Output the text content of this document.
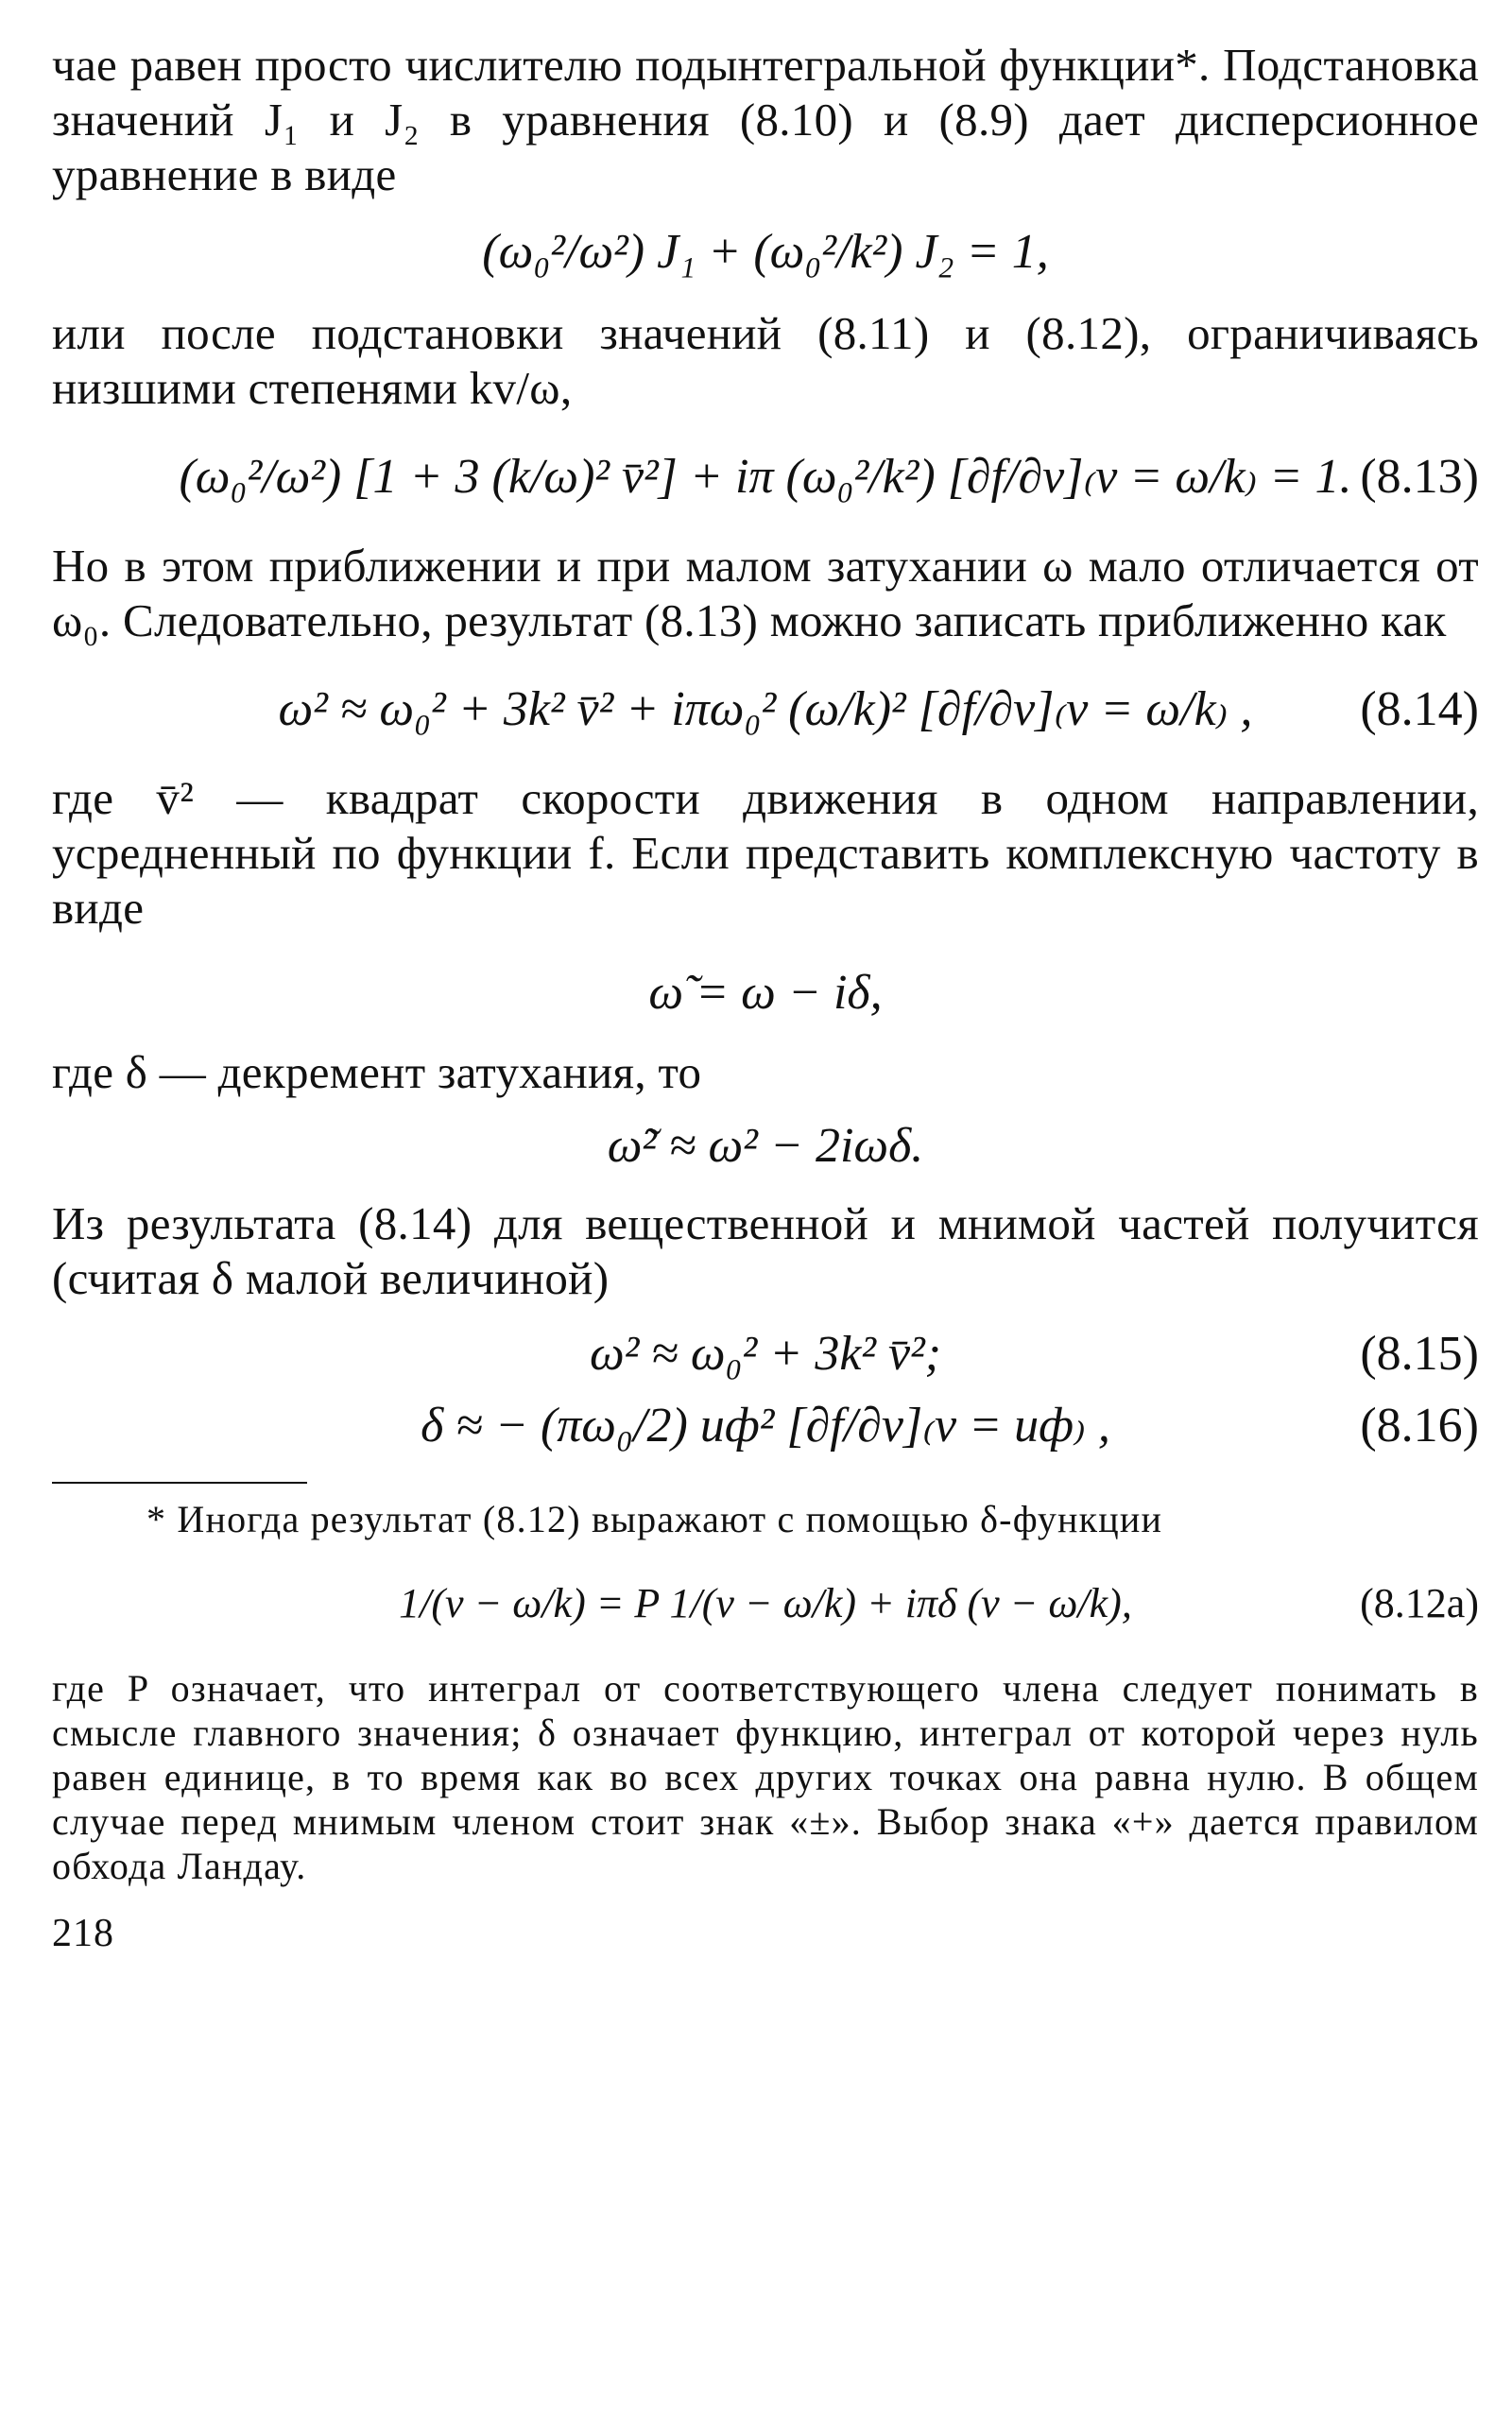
чае равен просто числителю подынтегральной функции*. Подстановка значений J₁ и J₂ в уравнения (8.10) и (8.9) дает дисперсионное уравнение в виде

(ω₀²/ω²) J₁ + (ω₀²/k²) J₂ = 1,

или после подстановки значений (8.11) и (8.12), ограничиваясь низшими степенями kv/ω,

(ω₀²/ω²) [1 + 3 (k/ω)² v̄²] + iπ (ω₀²/k²) [∂f/∂v]₍v = ω/k₎ = 1. (8.13)

Но в этом приближении и при малом затухании ω мало отличается от ω₀. Следовательно, результат (8.13) можно записать приближенно как

ω² ≈ ω₀² + 3k² v̄² + iπω₀² (ω/k)² [∂f/∂v]₍v = ω/k₎ , (8.14)

где v̄² — квадрат скорости движения в одном направлении, усредненный по функции f. Если представить комплексную частоту в виде

ω̃ = ω − iδ,

где δ — декремент затухания, то

ω̃² ≈ ω² − 2iωδ.

Из результата (8.14) для вещественной и мнимой частей получится (считая δ малой величиной)

ω² ≈ ω₀² + 3k² v̄²;	(8.15)
δ ≈ − (πω₀/2) uф² [∂f/∂v]₍v = uф₎ ,	(8.16)

* Иногда результат (8.12) выражают с помощью δ-функции

1/(v − ω/k) = P 1/(v − ω/k) + iπδ (v − ω/k),	(8.12а)

где P означает, что интеграл от соответствующего члена следует понимать в смысле главного значения; δ означает функцию, интеграл от которой через нуль равен единице, в то время как во всех других точках она равна нулю. В общем случае перед мнимым членом стоит знак «±». Выбор знака «+» дается правилом обхода Ландау.

218
